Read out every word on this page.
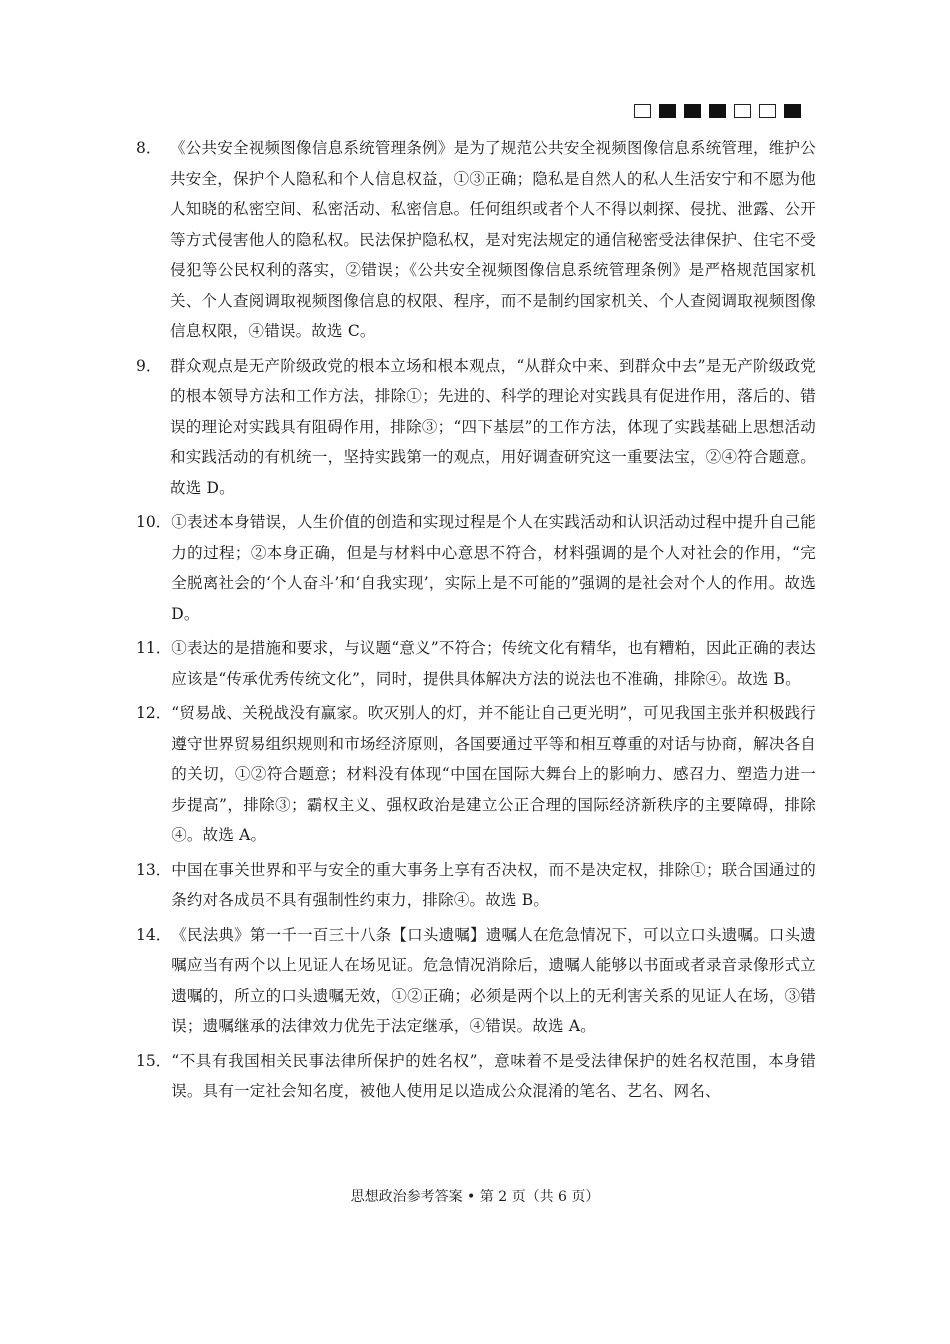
8． 《公共安全视频图像信息系统管理条例》是为了规范公共安全视频图像信息系统管理，维护公共安全，保护个人隐私和个人信息权益，①③正确；隐私是自然人的私人生活安宁和不愿为他人知晓的私密空间、私密活动、私密信息。任何组织或者个人不得以刺探、侵扰、泄露、公开等方式侵害他人的隐私权。民法保护隐私权，是对宪法规定的通信秘密受法律保护、住宅不受侵犯等公民权利的落实，②错误；《公共安全视频图像信息系统管理条例》是严格规范国家机关、个人查阅调取视频图像信息的权限、程序，而不是制约国家机关、个人查阅调取视频图像信息权限，④错误。故选 C。
9． 群众观点是无产阶级政党的根本立场和根本观点，“从群众中来、到群众中去”是无产阶级政党的根本领导方法和工作方法，排除①；先进的、科学的理论对实践具有促进作用，落后的、错误的理论对实践具有阻碍作用，排除③；“四下基层”的工作方法，体现了实践基础上思想活动和实践活动的有机统一，坚持实践第一的观点，用好调查研究这一重要法宝，②④符合题意。故选 D。
10． ①表述本身错误，人生价值的创造和实现过程是个人在实践活动和认识活动过程中提升自己能力的过程；②本身正确，但是与材料中心意思不符合，材料强调的是个人对社会的作用，“完全脱离社会的‘个人奋斗’和‘自我实现’，实际上是不可能的”强调的是社会对个人的作用。故选 D。
11． ①表达的是措施和要求，与议题“意义”不符合；传统文化有精华，也有糟粕，因此正确的表达应该是“传承优秀传统文化”，同时，提供具体解决方法的说法也不准确，排除④。故选 B。
12． “贸易战、关税战没有赢家。吹灭别人的灯，并不能让自己更光明”，可见我国主张并积极践行遵守世界贸易组织规则和市场经济原则，各国要通过平等和相互尊重的对话与协商，解决各自的关切，①②符合题意；材料没有体现“中国在国际大舞台上的影响力、感召力、塑造力进一步提高”，排除③；霸权主义、强权政治是建立公正合理的国际经济新秩序的主要障碍，排除④。故选 A。
13． 中国在事关世界和平与安全的重大事务上享有否决权，而不是决定权，排除①；联合国通过的条约对各成员不具有强制性约束力，排除④。故选 B。
14． 《民法典》第一千一百三十八条【口头遗嘱】遗嘱人在危急情况下，可以立口头遗嘱。口头遗嘱应当有两个以上见证人在场见证。危急情况消除后，遗嘱人能够以书面或者录音录像形式立遗嘱的，所立的口头遗嘱无效，①②正确；必须是两个以上的无利害关系的见证人在场，③错误；遗嘱继承的法律效力优先于法定继承，④错误。故选 A。
15． “不具有我国相关民事法律所保护的姓名权”，意味着不是受法律保护的姓名权范围，本身错误。具有一定社会知名度，被他人使用足以造成公众混淆的笔名、艺名、网名、
思想政治参考答案 • 第 2 页（共 6 页）
